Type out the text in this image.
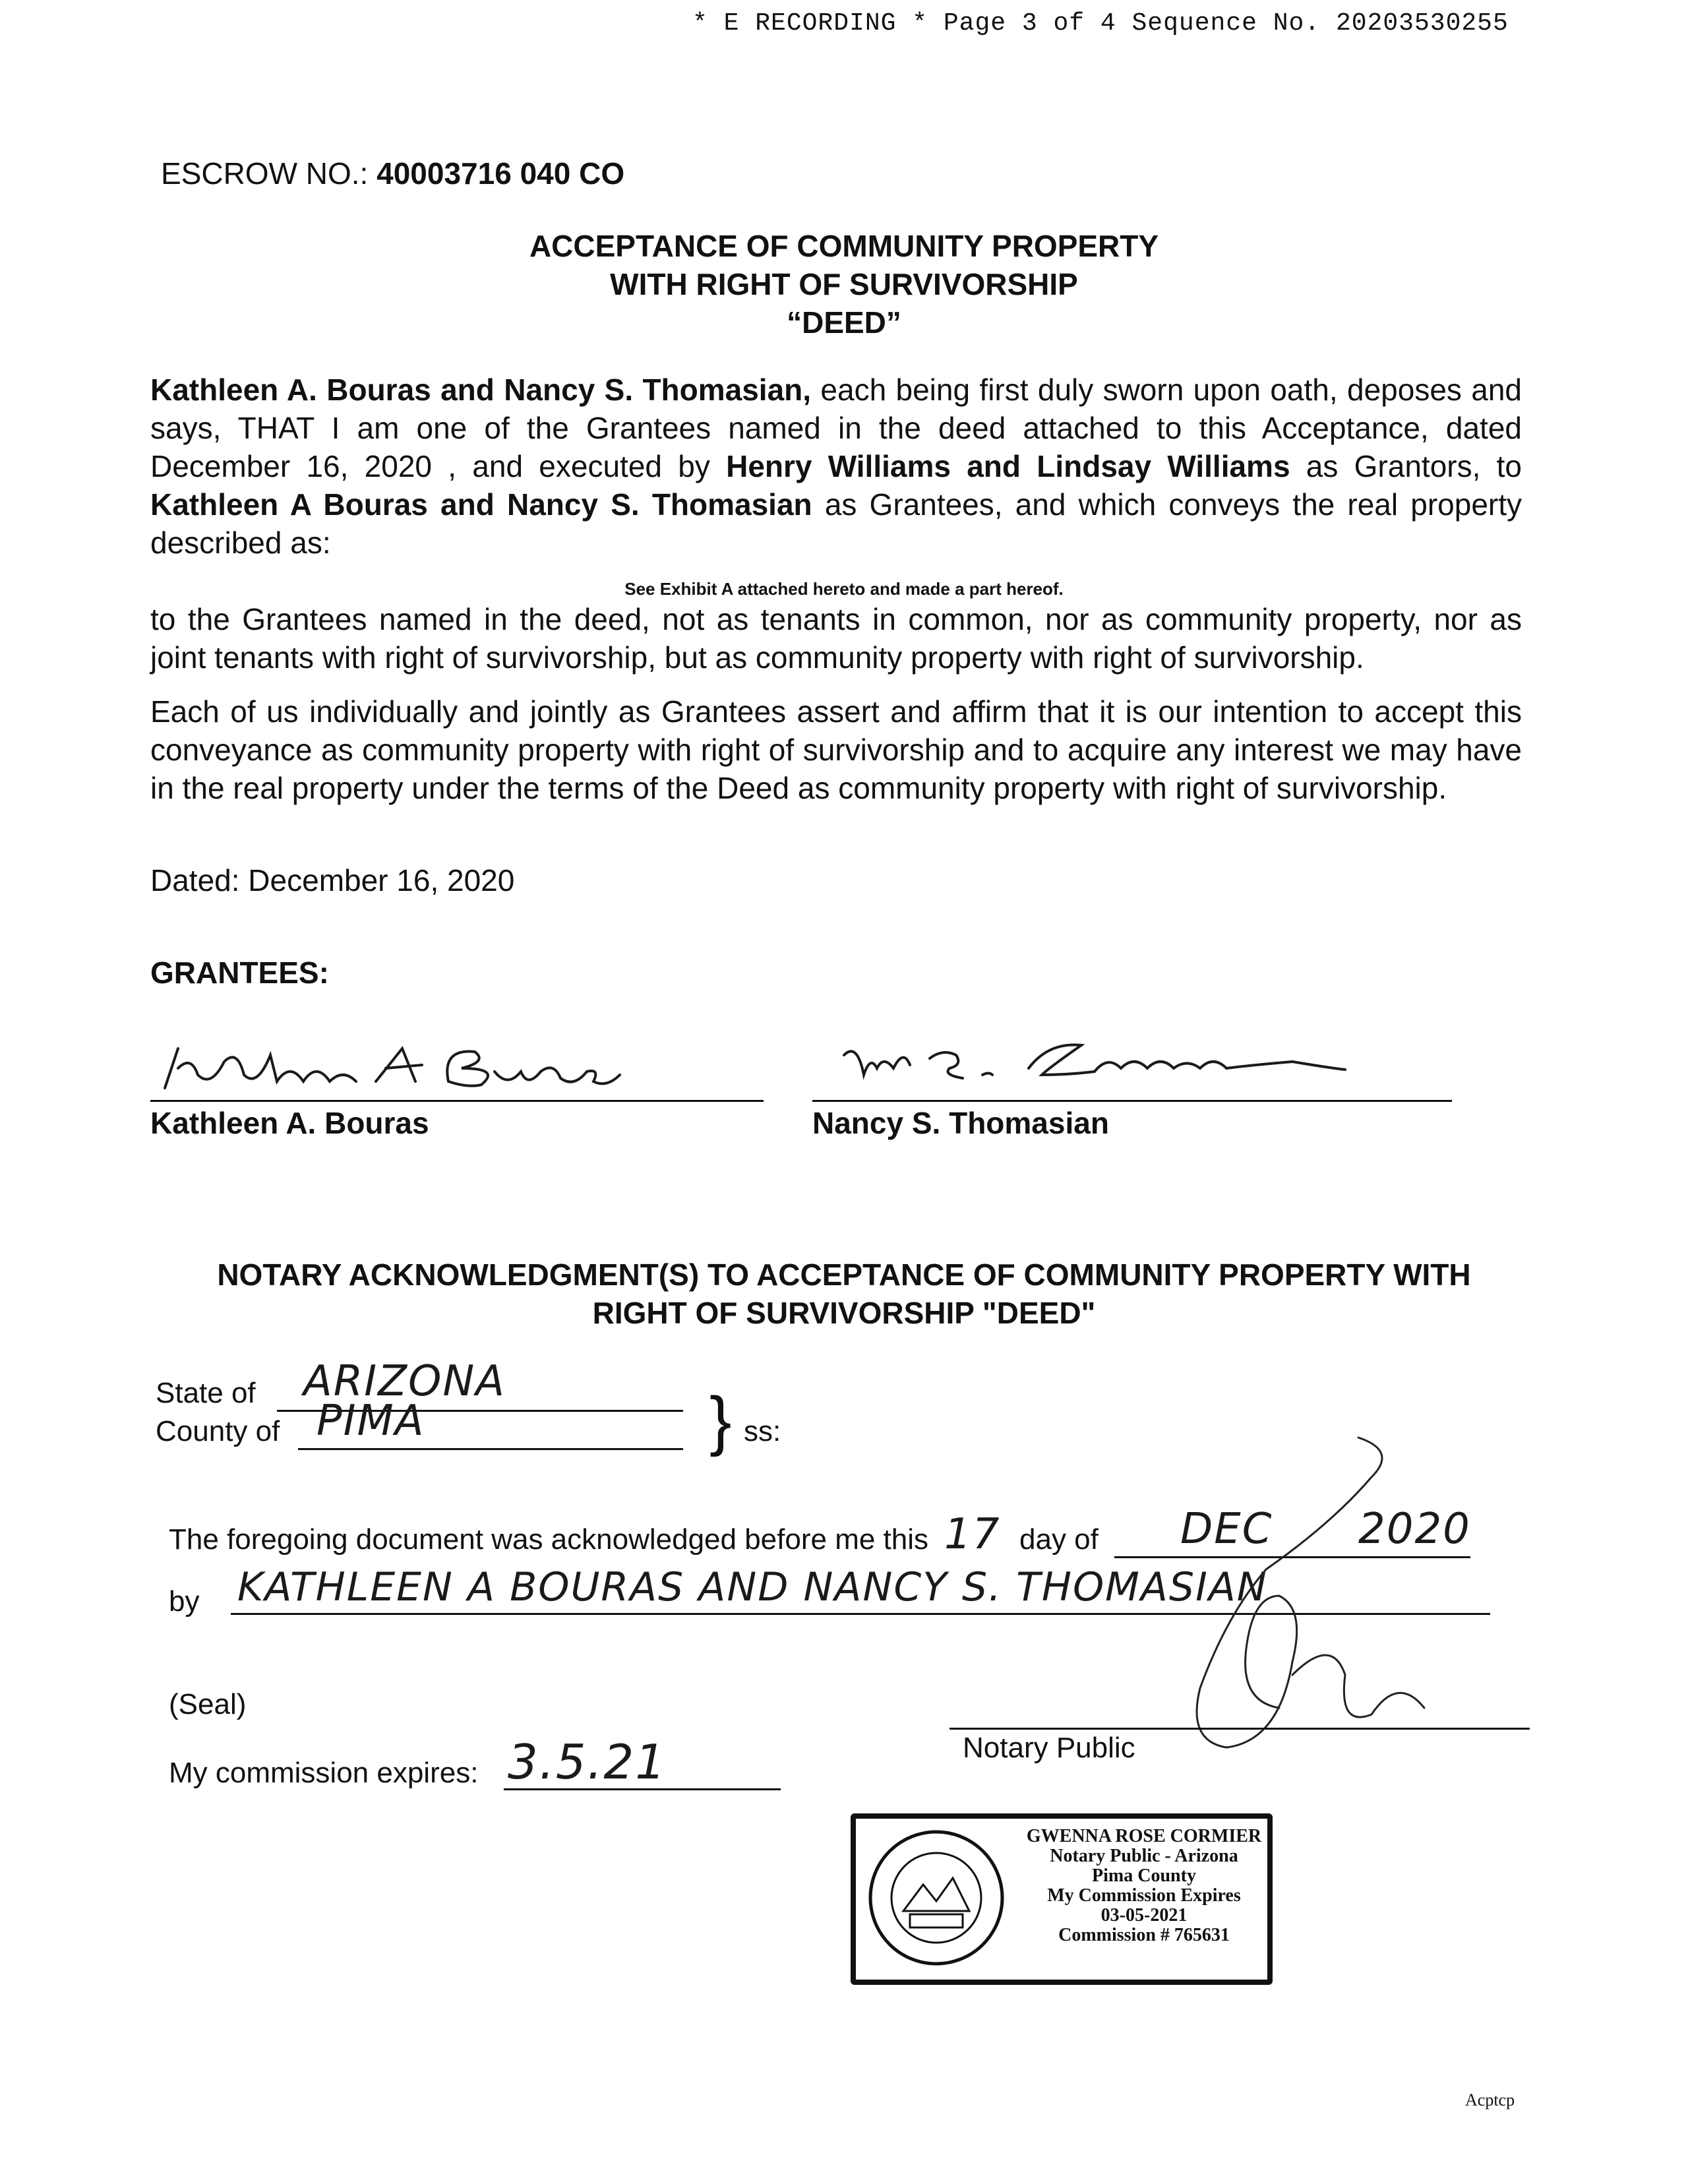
* E RECORDING * Page 3 of 4 Sequence No. 20203530255
ESCROW NO.: 40003716 040 CO
ACCEPTANCE OF COMMUNITY PROPERTY
WITH RIGHT OF SURVIVORSHIP
“DEED”
Kathleen A. Bouras and Nancy S. Thomasian, each being first duly sworn upon oath, deposes and says, THAT I am one of the Grantees named in the deed attached to this Acceptance, dated December 16, 2020 , and executed by Henry Williams and Lindsay Williams as Grantors, to Kathleen A Bouras and Nancy S. Thomasian as Grantees, and which conveys the real property described as:
See Exhibit A attached hereto and made a part hereof.
to the Grantees named in the deed, not as tenants in common, nor as community property, nor as joint tenants with right of survivorship, but as community property with right of survivorship.
Each of us individually and jointly as Grantees assert and affirm that it is our intention to accept this conveyance as community property with right of survivorship and to acquire any interest we may have in the real property under the terms of the Deed as community property with right of survivorship.
Dated: December 16, 2020
GRANTEES:
Kathleen A. Bouras	Nancy S. Thomasian
NOTARY ACKNOWLEDGMENT(S) TO ACCEPTANCE OF COMMUNITY PROPERTY WITH
RIGHT OF SURVIVORSHIP "DEED"
State of ARIZONA
County of PIMA	} ss:
The foregoing document was acknowledged before me this 17 day of DEC 2020
by KATHLEEN A BOURAS AND NANCY S. THOMASIAN
(Seal)
Notary Public
My commission expires: 3.5.21
GWENNA ROSE CORMIER
Notary Public - Arizona
Pima County
My Commission Expires
03-05-2021
Commission # 765631
Acptcp
